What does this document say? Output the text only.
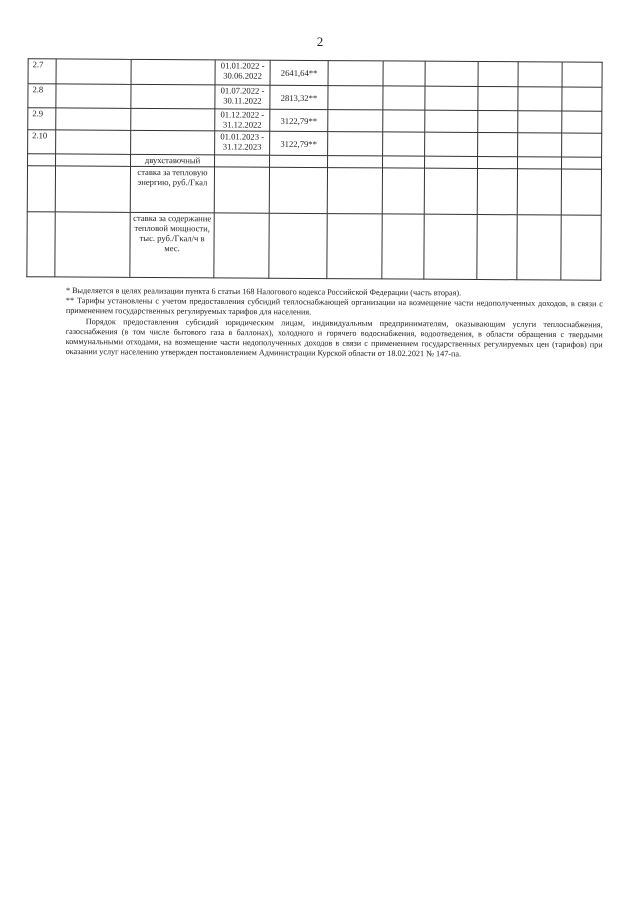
2
2.7			01.01.2022 -
30.06.2022	2641,64**						
2.8			01.07.2022 -
30.11.2022	2813,32**						
2.9			01.12.2022 -
31.12.2022	3122,79**						
2.10			01.01.2023 -
31.12.2023	3122,79**						
		двухставочный								
		ставка за тепловую энергию, руб./Гкал								
		ставка за содержание тепловой мощности, тыс. руб./Гкал/ч в мес.								

* Выделяется в целях реализации пункта 6 статьи 168 Налогового кодекса Российской Федерации (часть вторая).

** Тарифы установлены с учетом предоставления субсидий теплоснабжающей организации на возмещение части недополученных доходов, в связи с применением государственных регулируемых тарифов для населения.

Порядок предоставления субсидий юридическим лицам, индивидуальным предпринимателям, оказывающим услуги теплоснабжения, газоснабжения (в том числе бытового газа в баллонах), холодного и горячего водоснабжения, водоотведения, в области обращения с твердыми коммунальными отходами, на возмещение части недополученных доходов в связи с применением государственных регулируемых цен (тарифов) при оказании услуг населению утвержден постановлением Администрации Курской области от 18.02.2021 № 147-па.
